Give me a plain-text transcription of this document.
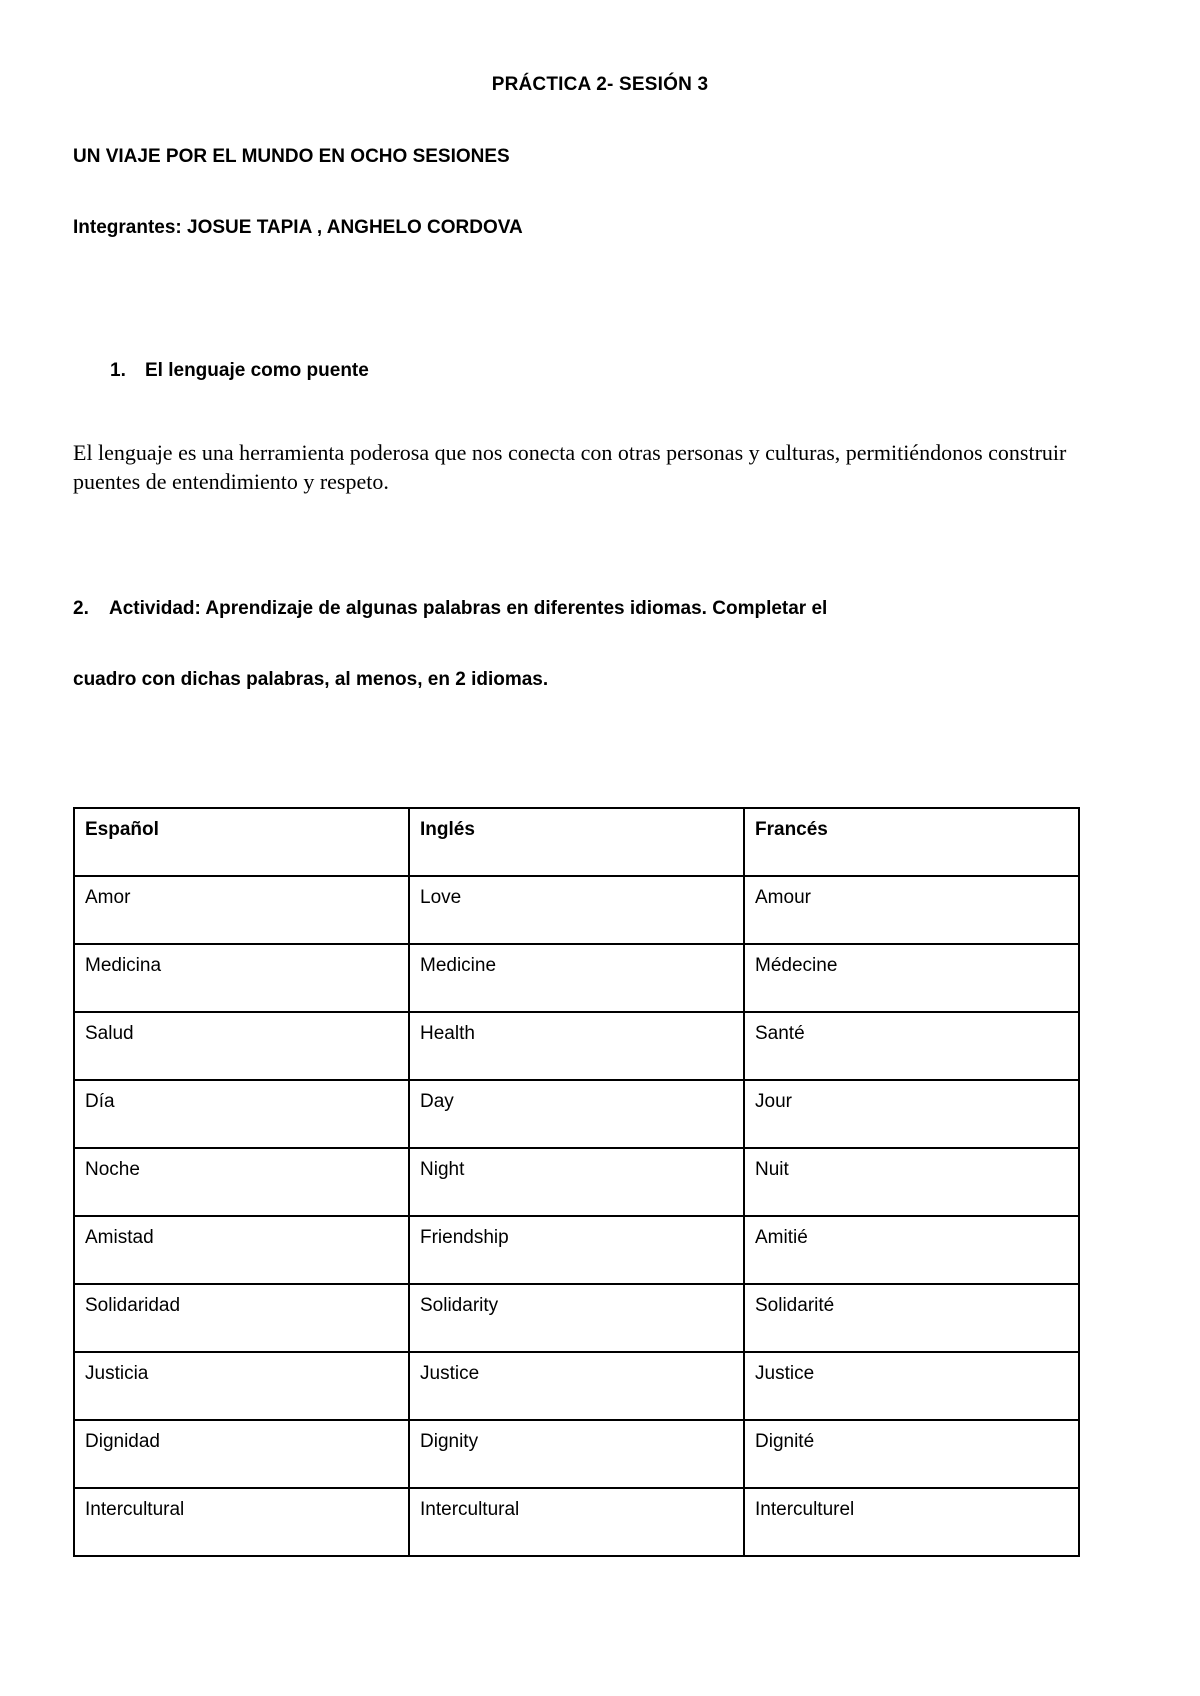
PRÁCTICA 2- SESIÓN 3
UN VIAJE POR EL MUNDO EN OCHO SESIONES
Integrantes: JOSUE TAPIA , ANGHELO CORDOVA
1. El lenguaje como puente
El lenguaje es una herramienta poderosa que nos conecta con otras personas y culturas, permitiéndonos construir puentes de entendimiento y respeto.
2. Actividad: Aprendizaje de algunas palabras en diferentes idiomas. Completar el
cuadro con dichas palabras, al menos, en 2 idiomas.
Español	Inglés	Francés
Amor	Love	Amour
Medicina	Medicine	Médecine
Salud	Health	Santé
Día	Day	Jour
Noche	Night	Nuit
Amistad	Friendship	Amitié
Solidaridad	Solidarity	Solidarité
Justicia	Justice	Justice
Dignidad	Dignity	Dignité
Intercultural	Intercultural	Interculturel
